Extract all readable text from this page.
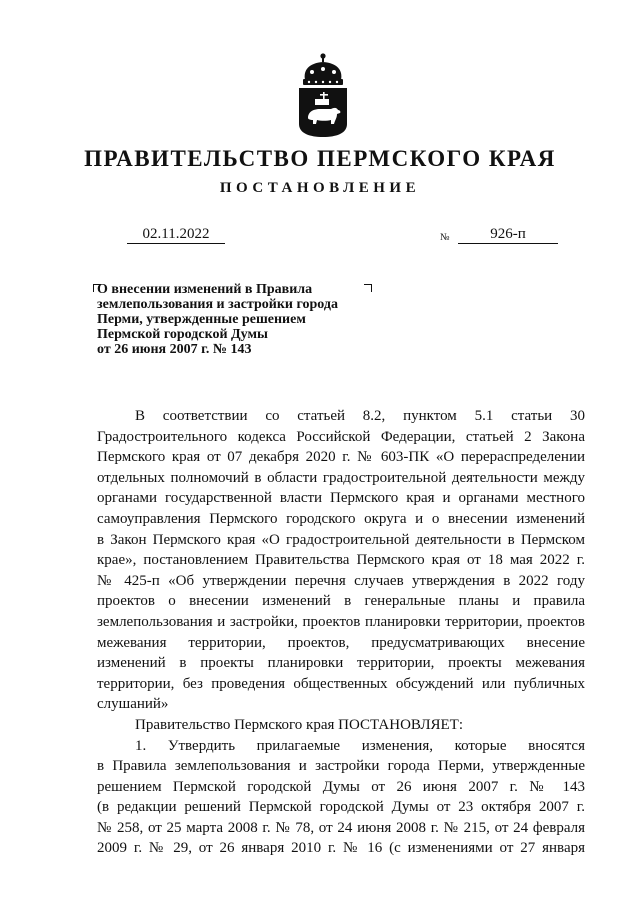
ПРАВИТЕЛЬСТВО ПЕРМСКОГО КРАЯ
ПОСТАНОВЛЕНИЕ
02.11.2022	№	926-п
О внесении изменений в Правила
землепользования и застройки города
Перми, утвержденные решением
Пермской городской Думы
от 26 июня 2007 г. № 143
В соответствии со статьей 8.2, пунктом 5.1 статьи 30
Градостроительного кодекса Российской Федерации, статьей 2 Закона
Пермского края от 07 декабря 2020 г. № 603-ПК «О перераспределении
отдельных полномочий в области градостроительной деятельности между
органами государственной власти Пермского края и органами местного
самоуправления Пермского городского округа и о внесении изменений
в Закон Пермского края «О градостроительной деятельности в Пермском
крае», постановлением Правительства Пермского края от 18 мая 2022 г.
№ 425-п «Об утверждении перечня случаев утверждения в 2022 году
проектов о внесении изменений в генеральные планы и правила
землепользования и застройки, проектов планировки территории, проектов
межевания территории, проектов, предусматривающих внесение
изменений в проекты планировки территории, проекты межевания
территории, без проведения общественных обсуждений или публичных
слушаний»
Правительство Пермского края ПОСТАНОВЛЯЕТ:
1. Утвердить прилагаемые изменения, которые вносятся
в Правила землепользования и застройки города Перми, утвержденные
решением Пермской городской Думы от 26 июня 2007 г. № 143
(в редакции решений Пермской городской Думы от 23 октября 2007 г.
№ 258, от 25 марта 2008 г. № 78, от 24 июня 2008 г. № 215, от 24 февраля
2009 г. № 29, от 26 января 2010 г. № 16 (с изменениями от 27 января
